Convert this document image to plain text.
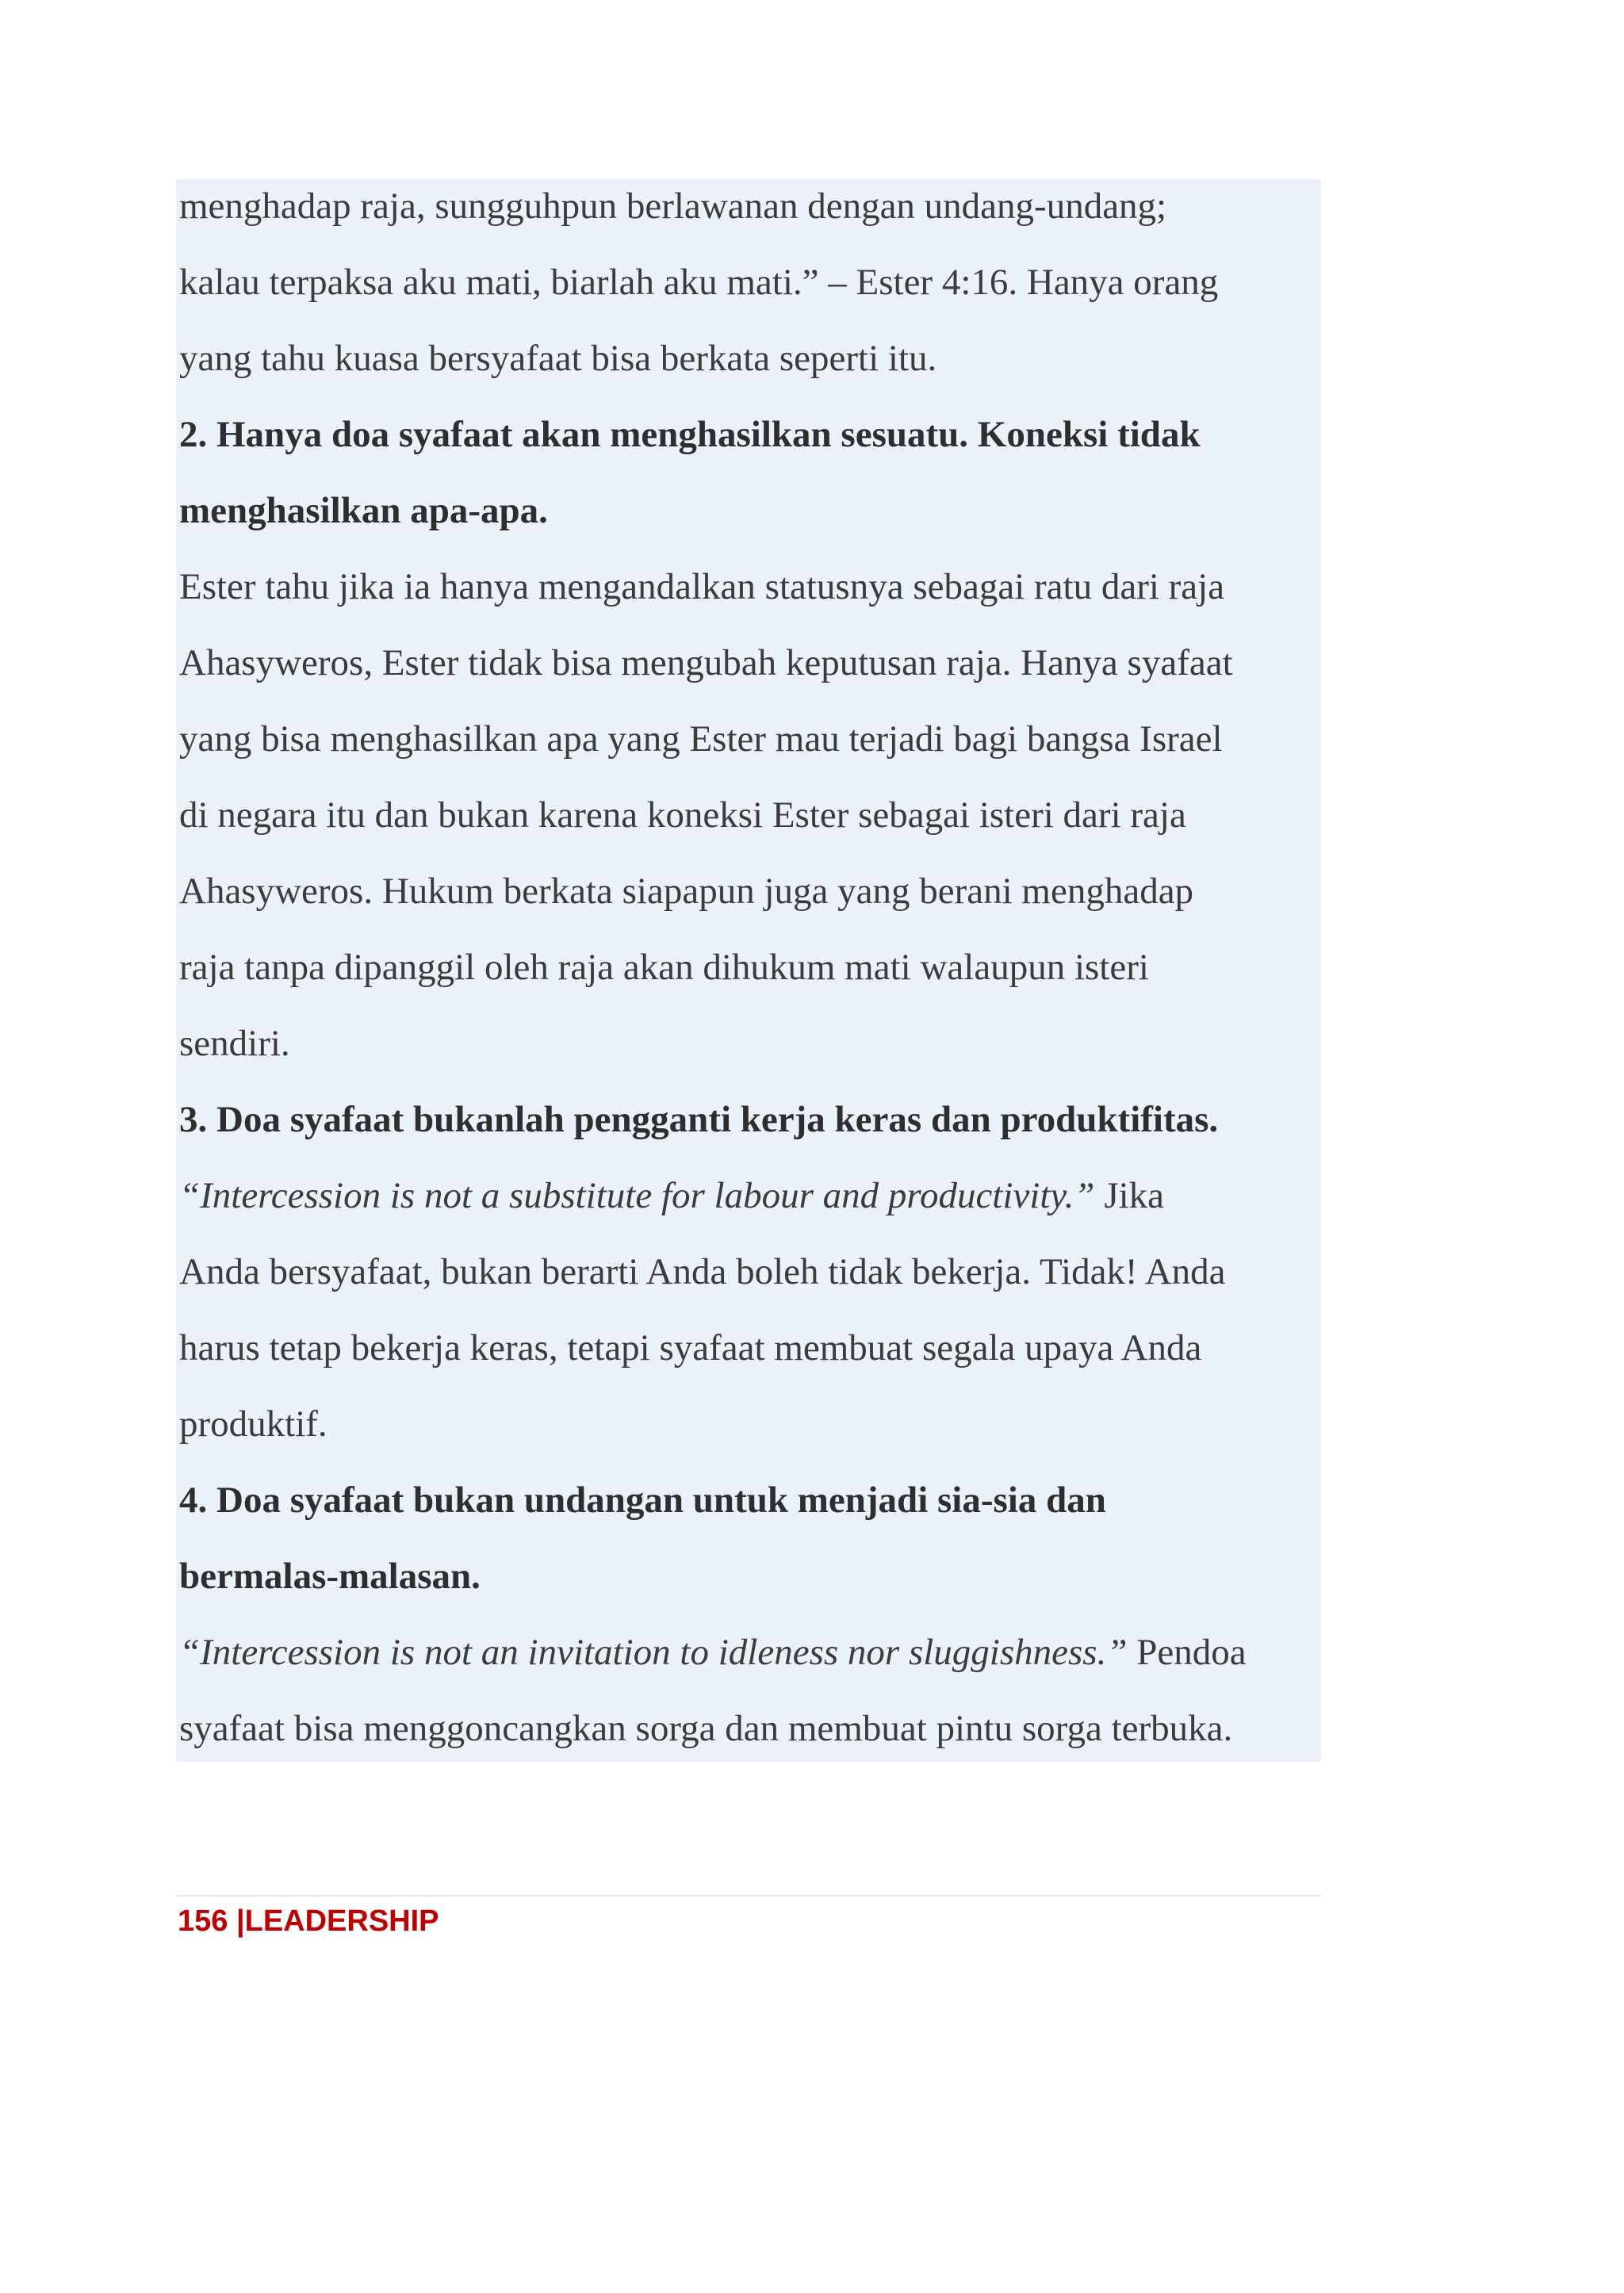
menghadap raja, sungguhpun berlawanan dengan undang-undang;
kalau terpaksa aku mati, biarlah aku mati.” – Ester 4:16. Hanya orang
yang tahu kuasa bersyafaat bisa berkata seperti itu.
2. Hanya doa syafaat akan menghasilkan sesuatu. Koneksi tidak
menghasilkan apa-apa.
Ester tahu jika ia hanya mengandalkan statusnya sebagai ratu dari raja
Ahasyweros, Ester tidak bisa mengubah keputusan raja. Hanya syafaat
yang bisa menghasilkan apa yang Ester mau terjadi bagi bangsa Israel
di negara itu dan bukan karena koneksi Ester sebagai isteri dari raja
Ahasyweros. Hukum berkata siapapun juga yang berani menghadap
raja tanpa dipanggil oleh raja akan dihukum mati walaupun isteri
sendiri.
3. Doa syafaat bukanlah pengganti kerja keras dan produktifitas.
“Intercession is not a substitute for labour and productivity.” Jika
Anda bersyafaat, bukan berarti Anda boleh tidak bekerja. Tidak! Anda
harus tetap bekerja keras, tetapi syafaat membuat segala upaya Anda
produktif.
4. Doa syafaat bukan undangan untuk menjadi sia-sia dan
bermalas-malasan.
“Intercession is not an invitation to idleness nor sluggishness.” Pendoa
syafaat bisa menggoncangkan sorga dan membuat pintu sorga terbuka.
156 |LEADERSHIP
